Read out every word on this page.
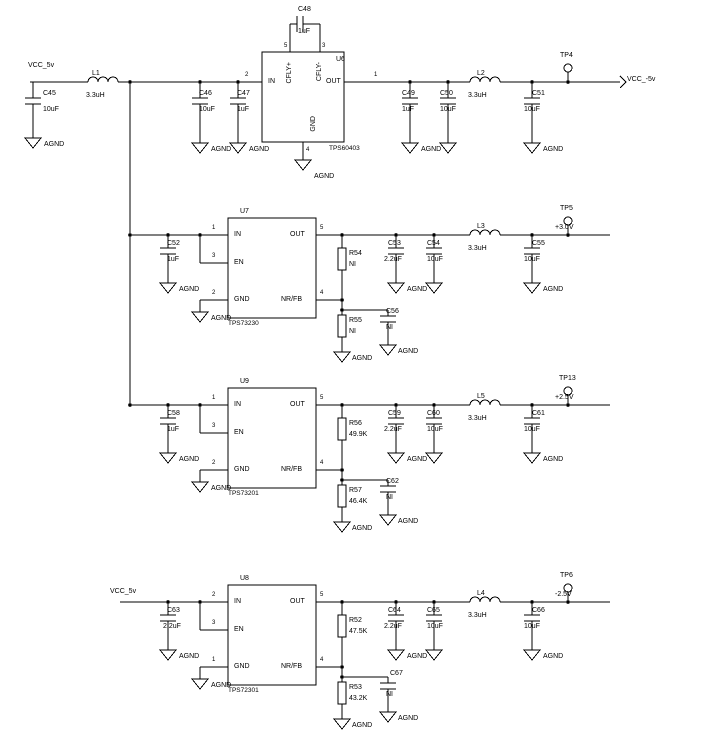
VCC_5v
VCC_-5v
TP4
L1
3.3uH
L2
3.3uH
C45
10uF
AGND
C46
10uF
AGND
C47
1uF
AGND
C48
1uF
U6
IN	OUT
CFLY+	CFLY-
GND
TPS60403
2	1
5	3
4
AGND
C49
1uF
AGND
C50
10uF
C51
10uF
AGND
U7
IN
EN
GND
OUT
NR/FB
TPS73230
1
3
2
5
4
AGND
C52
1uF
AGND
R54
NI
R55
NI
AGND
C56
NI
AGND
C53
2.2uF
AGND
C54
10uF
L3
3.3uH
C55
10uF
AGND
+3.0V
TP5
U9
IN
EN
GND
OUT
NR/FB
TPS73201
1
3
2
5
4
AGND
C58
1uF
AGND
R56
49.9K
R57
46.4K
AGND
C62
NI
AGND
C59
2.2uF
AGND
C60
10uF
L5
3.3uH
C61
10uF
AGND
+2.5V
TP13
VCC_5v
U8
IN
EN
GND
OUT
NR/FB
TPS72301
2
3
1
5
4
AGND
C63
2.2uF
AGND
R52
47.5K
R53
43.2K
AGND
C67
NI
AGND
C64
2.2uF
AGND
C65
10uF
L4
3.3uH
C66
10uF
AGND
-2.5V
TP6
